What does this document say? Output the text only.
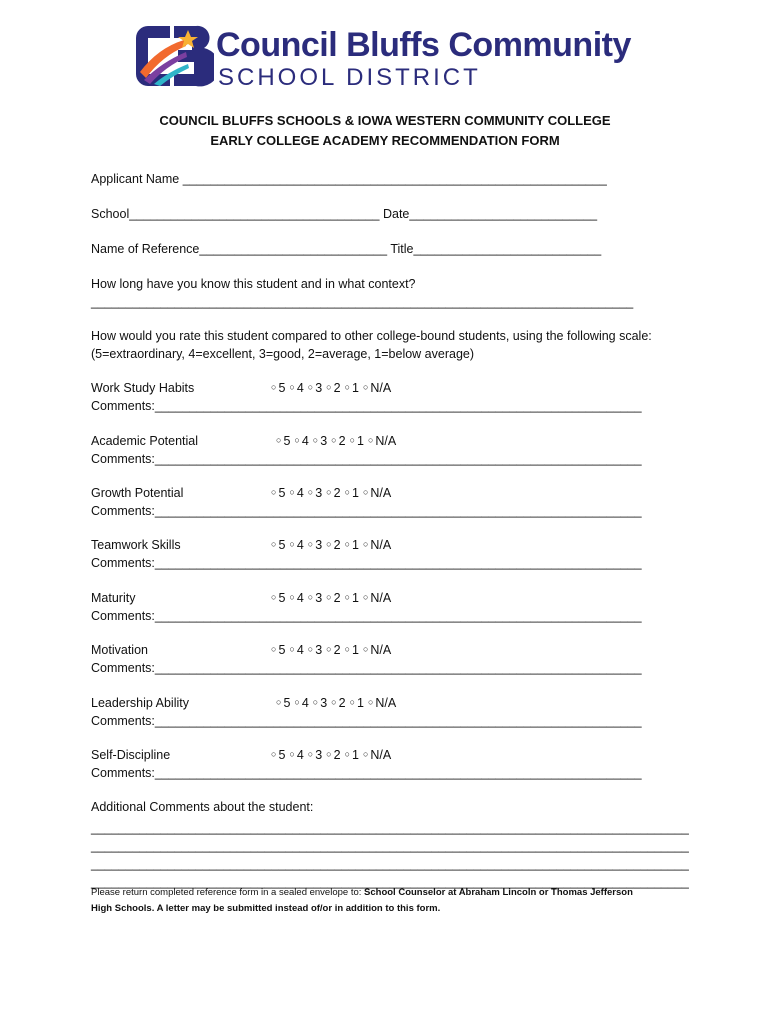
Council Bluffs Community
SCHOOL DISTRICT
COUNCIL BLUFFS SCHOOLS & IOWA WESTERN COMMUNITY COLLEGE
EARLY COLLEGE ACADEMY RECOMMENDATION FORM
Applicant Name _____________________________________________________________
School____________________________________ Date___________________________
Name of Reference___________________________ Title___________________________
How long have you know this student and in what context?
______________________________________________________________________________
How would you rate this student compared to other college-bound students, using the following scale:
(5=extraordinary, 4=excellent, 3=good, 2=average, 1=below average)
Work Study Habits	○ 5 ○ 4 ○ 3 ○ 2 ○ 1 ○ N/A
Comments:______________________________________________________________________
Academic Potential	○ 5 ○ 4 ○ 3 ○ 2 ○ 1 ○ N/A
Comments:______________________________________________________________________
Growth Potential	○ 5 ○ 4 ○ 3 ○ 2 ○ 1 ○ N/A
Comments:______________________________________________________________________
Teamwork Skills	○ 5 ○ 4 ○ 3 ○ 2 ○ 1 ○ N/A
Comments:______________________________________________________________________
Maturity	○ 5 ○ 4 ○ 3 ○ 2 ○ 1 ○ N/A
Comments:______________________________________________________________________
Motivation	○ 5 ○ 4 ○ 3 ○ 2 ○ 1 ○ N/A
Comments:______________________________________________________________________
Leadership Ability	○ 5 ○ 4 ○ 3 ○ 2 ○ 1 ○ N/A
Comments:______________________________________________________________________
Self-Discipline	○ 5 ○ 4 ○ 3 ○ 2 ○ 1 ○ N/A
Comments:______________________________________________________________________
Additional Comments about the student:
______________________________________________________________________________________
______________________________________________________________________________________
______________________________________________________________________________________
______________________________________________________________________________________
Please return completed reference form in a sealed envelope to: School Counselor at Abraham Lincoln or Thomas Jefferson
High Schools. A letter may be submitted instead of/or in addition to this form.
